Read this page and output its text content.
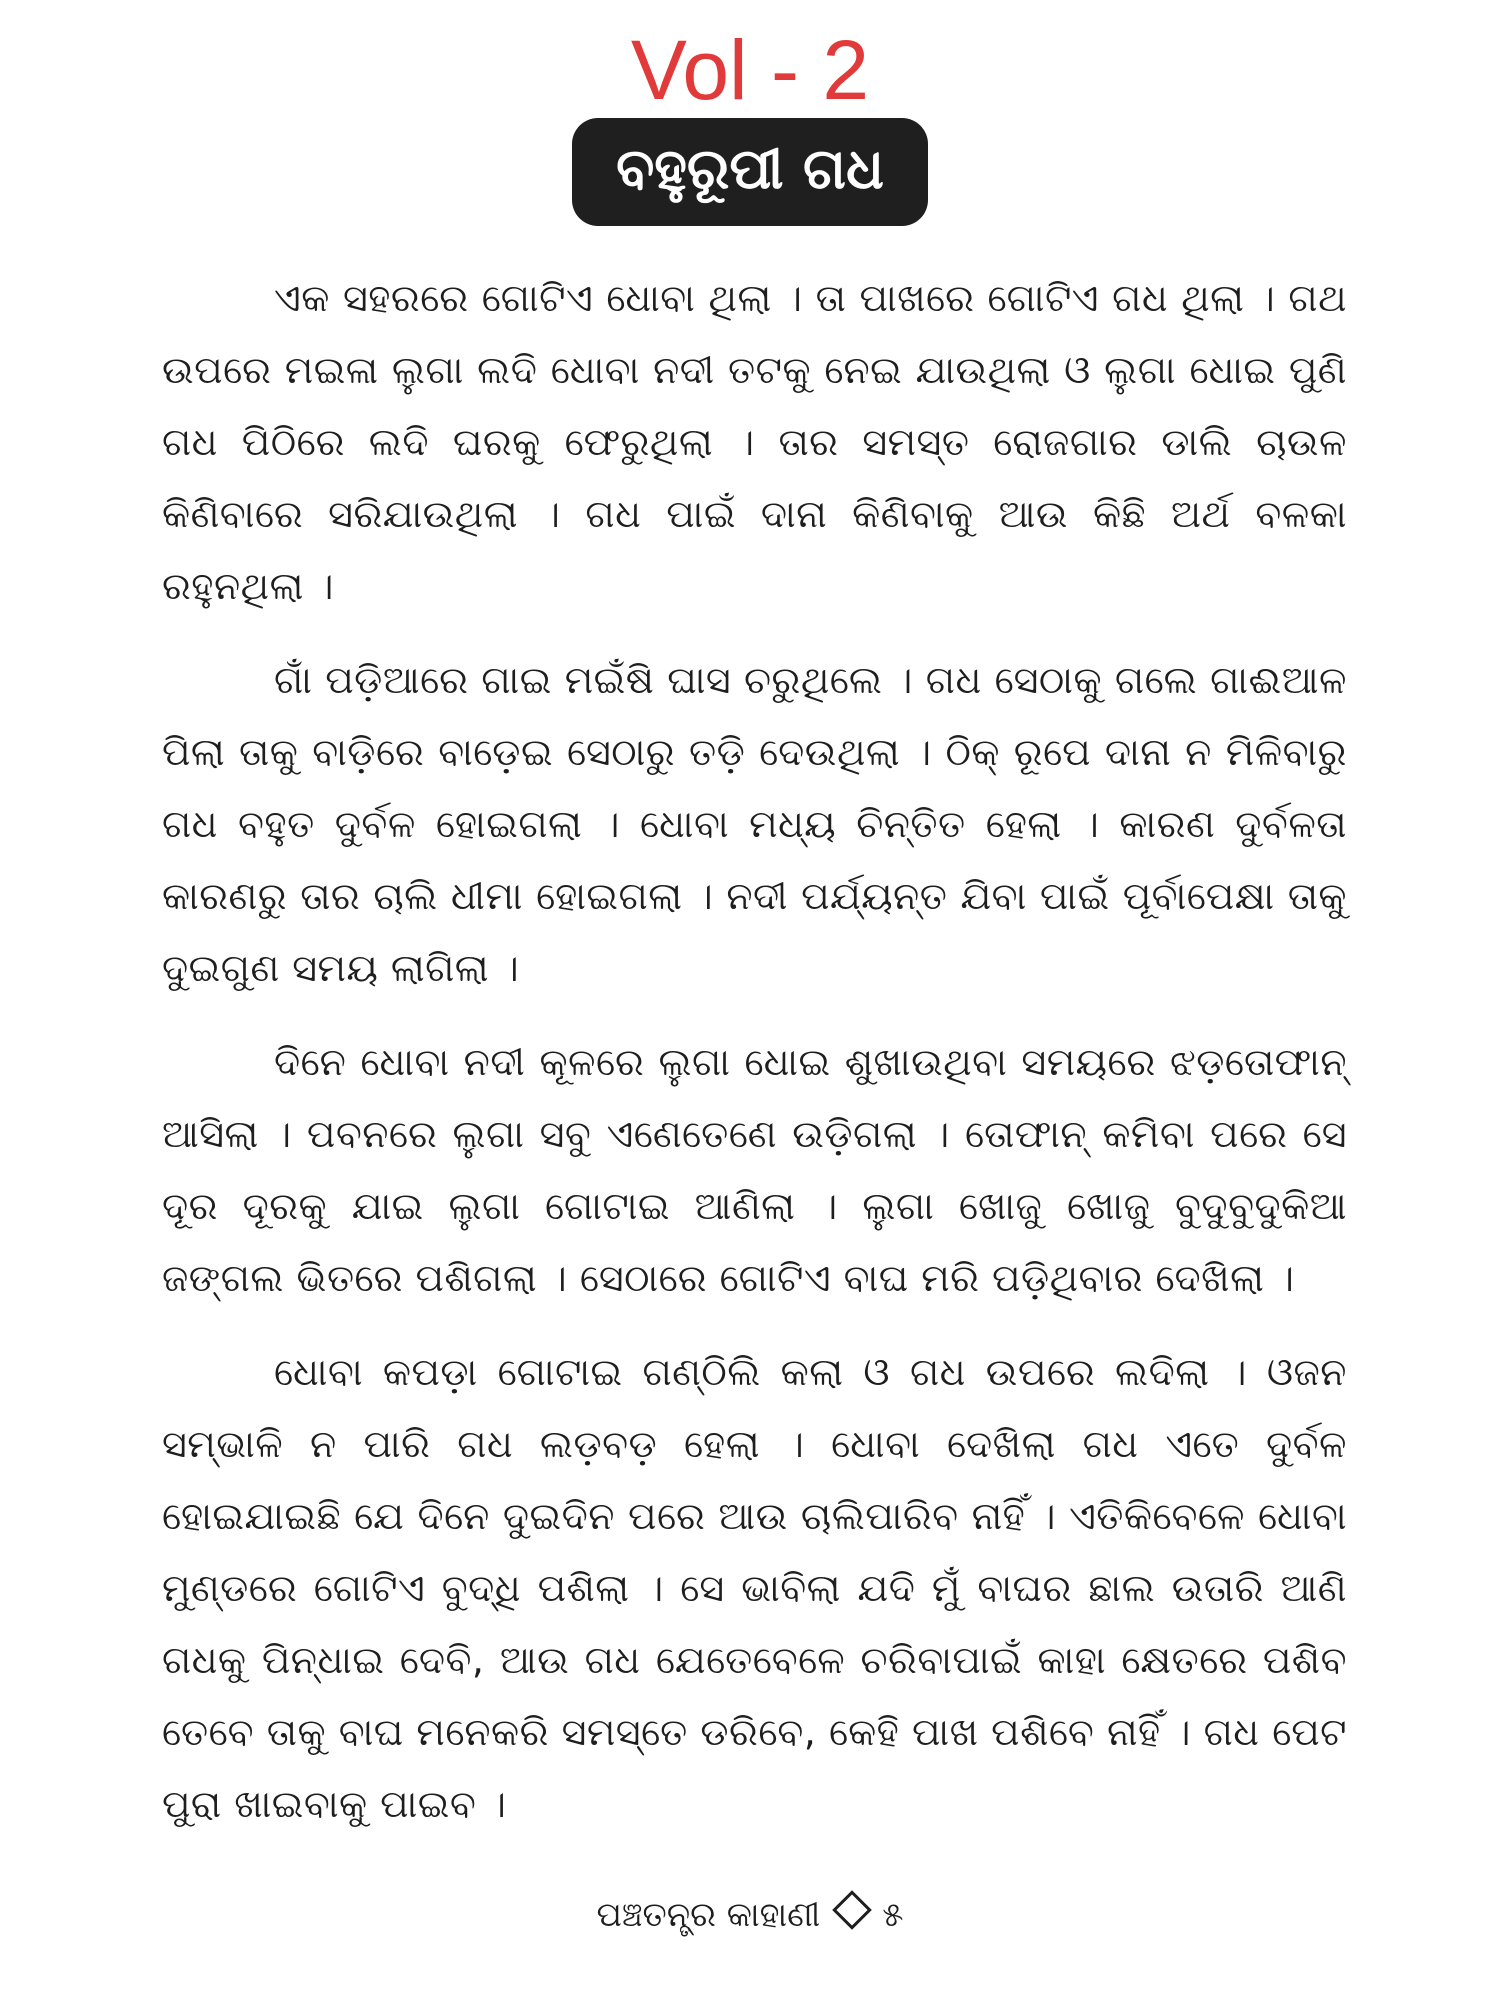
Vol - 2
ବହୁରୂପୀ ଗଧ

ଏକ ସହରରେ ଗୋଟିଏ ଧୋବା ଥିଲା । ତା ପାଖରେ ଗୋଟିଏ ଗଧ ଥିଲା । ଗଥ ଉପରେ ମଇଳା ଲୁଗା ଲଦି ଧୋବା ନଦୀ ତଟକୁ ନେଇ ଯାଉଥିଲା ଓ ଲୁଗା ଧୋଇ ପୁଣି ଗଧ ପିଠିରେ ଲଦି ଘରକୁ ଫେରୁଥିଲା । ତାର ସମସ୍ତ ରୋଜଗାର ଡାଲି ଚାଉଳ କିଣିବାରେ ସରିଯାଉଥିଲା । ଗଧ ପାଇଁ ଦାନା କିଣିବାକୁ ଆଉ କିଛି ଅର୍ଥ ବଳକା ରହୁନଥିଲା ।

ଗାଁ ପଡ଼ିଆରେ ଗାଇ ମଇଁଷି ଘାସ ଚରୁଥିଲେ । ଗଧ ସେଠାକୁ ଗଲେ ଗାଈଆଳ ପିଲା ତାକୁ ବାଡ଼ିରେ ବାଡ଼େଇ ସେଠାରୁ ତଡ଼ି ଦେଉଥିଲା । ଠିକ୍ ରୂପେ ଦାନା ନ ମିଳିବାରୁ ଗଧ ବହୁତ ଦୁର୍ବଳ ହୋଇଗଲା । ଧୋବା ମଧ୍ୟ ଚିନ୍ତିତ ହେଲା । କାରଣ ଦୁର୍ବଳତା କାରଣରୁ ତାର ଚାଲି ଧୀମା ହୋଇଗଲା । ନଦୀ ପର୍ଯ୍ୟନ୍ତ ଯିବା ପାଇଁ ପୂର୍ବାପେକ୍ଷା ତାକୁ ଦୁଇଗୁଣ ସମୟ ଲାଗିଲା ।

ଦିନେ ଧୋବା ନଦୀ କୂଳରେ ଲୁଗା ଧୋଇ ଶୁଖାଉଥିବା ସମୟରେ ଝଡ଼ତୋଫାନ୍ ଆସିଲା । ପବନରେ ଲୁଗା ସବୁ ଏଣେତେଣେ ଉଡ଼ିଗଲା । ତୋଫାନ୍ କମିବା ପରେ ସେ ଦୂର ଦୂରକୁ ଯାଇ ଲୁଗା ଗୋଟାଇ ଆଣିଲା । ଲୁଗା ଖୋଜୁ ଖୋଜୁ ବୁଦୁବୁଦୁକିଆ ଜଙ୍ଗଲ ଭିତରେ ପଶିଗଲା । ସେଠାରେ ଗୋଟିଏ ବାଘ ମରି ପଡ଼ିଥିବାର ଦେଖିଲା ।

ଧୋବା କପଡ଼ା ଗୋଟାଇ ଗଣ୍ଠିଲି କଲା ଓ ଗଧ ଉପରେ ଲଦିଲା । ଓଜନ ସମ୍ଭାଳି ନ ପାରି ଗଧ ଲଡ଼ବଡ଼ ହେଲା । ଧୋବା ଦେଖିଲା ଗଧ ଏତେ ଦୁର୍ବଳ ହୋଇଯାଇଛି ଯେ ଦିନେ ଦୁଇଦିନ ପରେ ଆଉ ଚାଲିପାରିବ ନାହିଁ । ଏତିକିବେଳେ ଧୋବା ମୁଣ୍ଡରେ ଗୋଟିଏ ବୁଦ୍ଧି ପଶିଲା । ସେ ଭାବିଲା ଯଦି ମୁଁ ବାଘର ଛାଲ ଉତାରି ଆଣି ଗଧକୁ ପିନ୍ଧାଇ ଦେବି, ଆଉ ଗଧ ଯେତେବେଳେ ଚରିବାପାଇଁ କାହା କ୍ଷେତରେ ପଶିବ ତେବେ ତାକୁ ବାଘ ମନେକରି ସମସ୍ତେ ଡରିବେ, କେହି ପାଖ ପଶିବେ ନାହିଁ । ଗଧ ପେଟ ପୁରା ଖାଇବାକୁ ପାଇବ ।

ପଞ୍ଚତନ୍ତ୍ର କାହାଣୀ ୫
